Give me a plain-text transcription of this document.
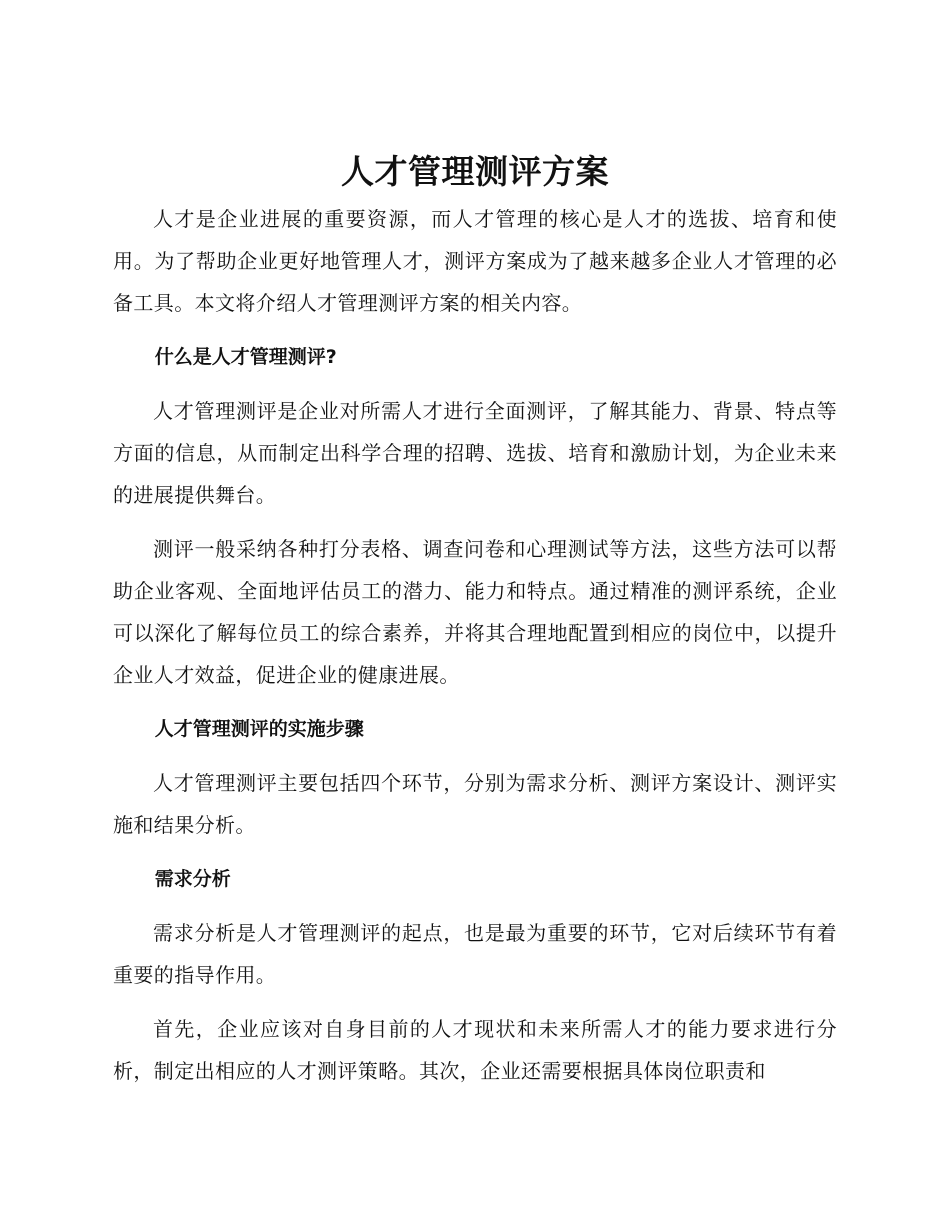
人才管理测评方案

人才是企业进展的重要资源，而人才管理的核心是人才的选拔、培育和使用。为了帮助企业更好地管理人才，测评方案成为了越来越多企业人才管理的必备工具。本文将介绍人才管理测评方案的相关内容。

什么是人才管理测评?

人才管理测评是企业对所需人才进行全面测评，了解其能力、背景、特点等方面的信息，从而制定出科学合理的招聘、选拔、培育和激励计划，为企业未来的进展提供舞台。

测评一般采纳各种打分表格、调查问卷和心理测试等方法，这些方法可以帮助企业客观、全面地评估员工的潜力、能力和特点。通过精准的测评系统，企业可以深化了解每位员工的综合素养，并将其合理地配置到相应的岗位中，以提升企业人才效益，促进企业的健康进展。

人才管理测评的实施步骤

人才管理测评主要包括四个环节，分别为需求分析、测评方案设计、测评实施和结果分析。

需求分析

需求分析是人才管理测评的起点，也是最为重要的环节，它对后续环节有着重要的指导作用。

首先，企业应该对自身目前的人才现状和未来所需人才的能力要求进行分析，制定出相应的人才测评策略。其次，企业还需要根据具体岗位职责和
